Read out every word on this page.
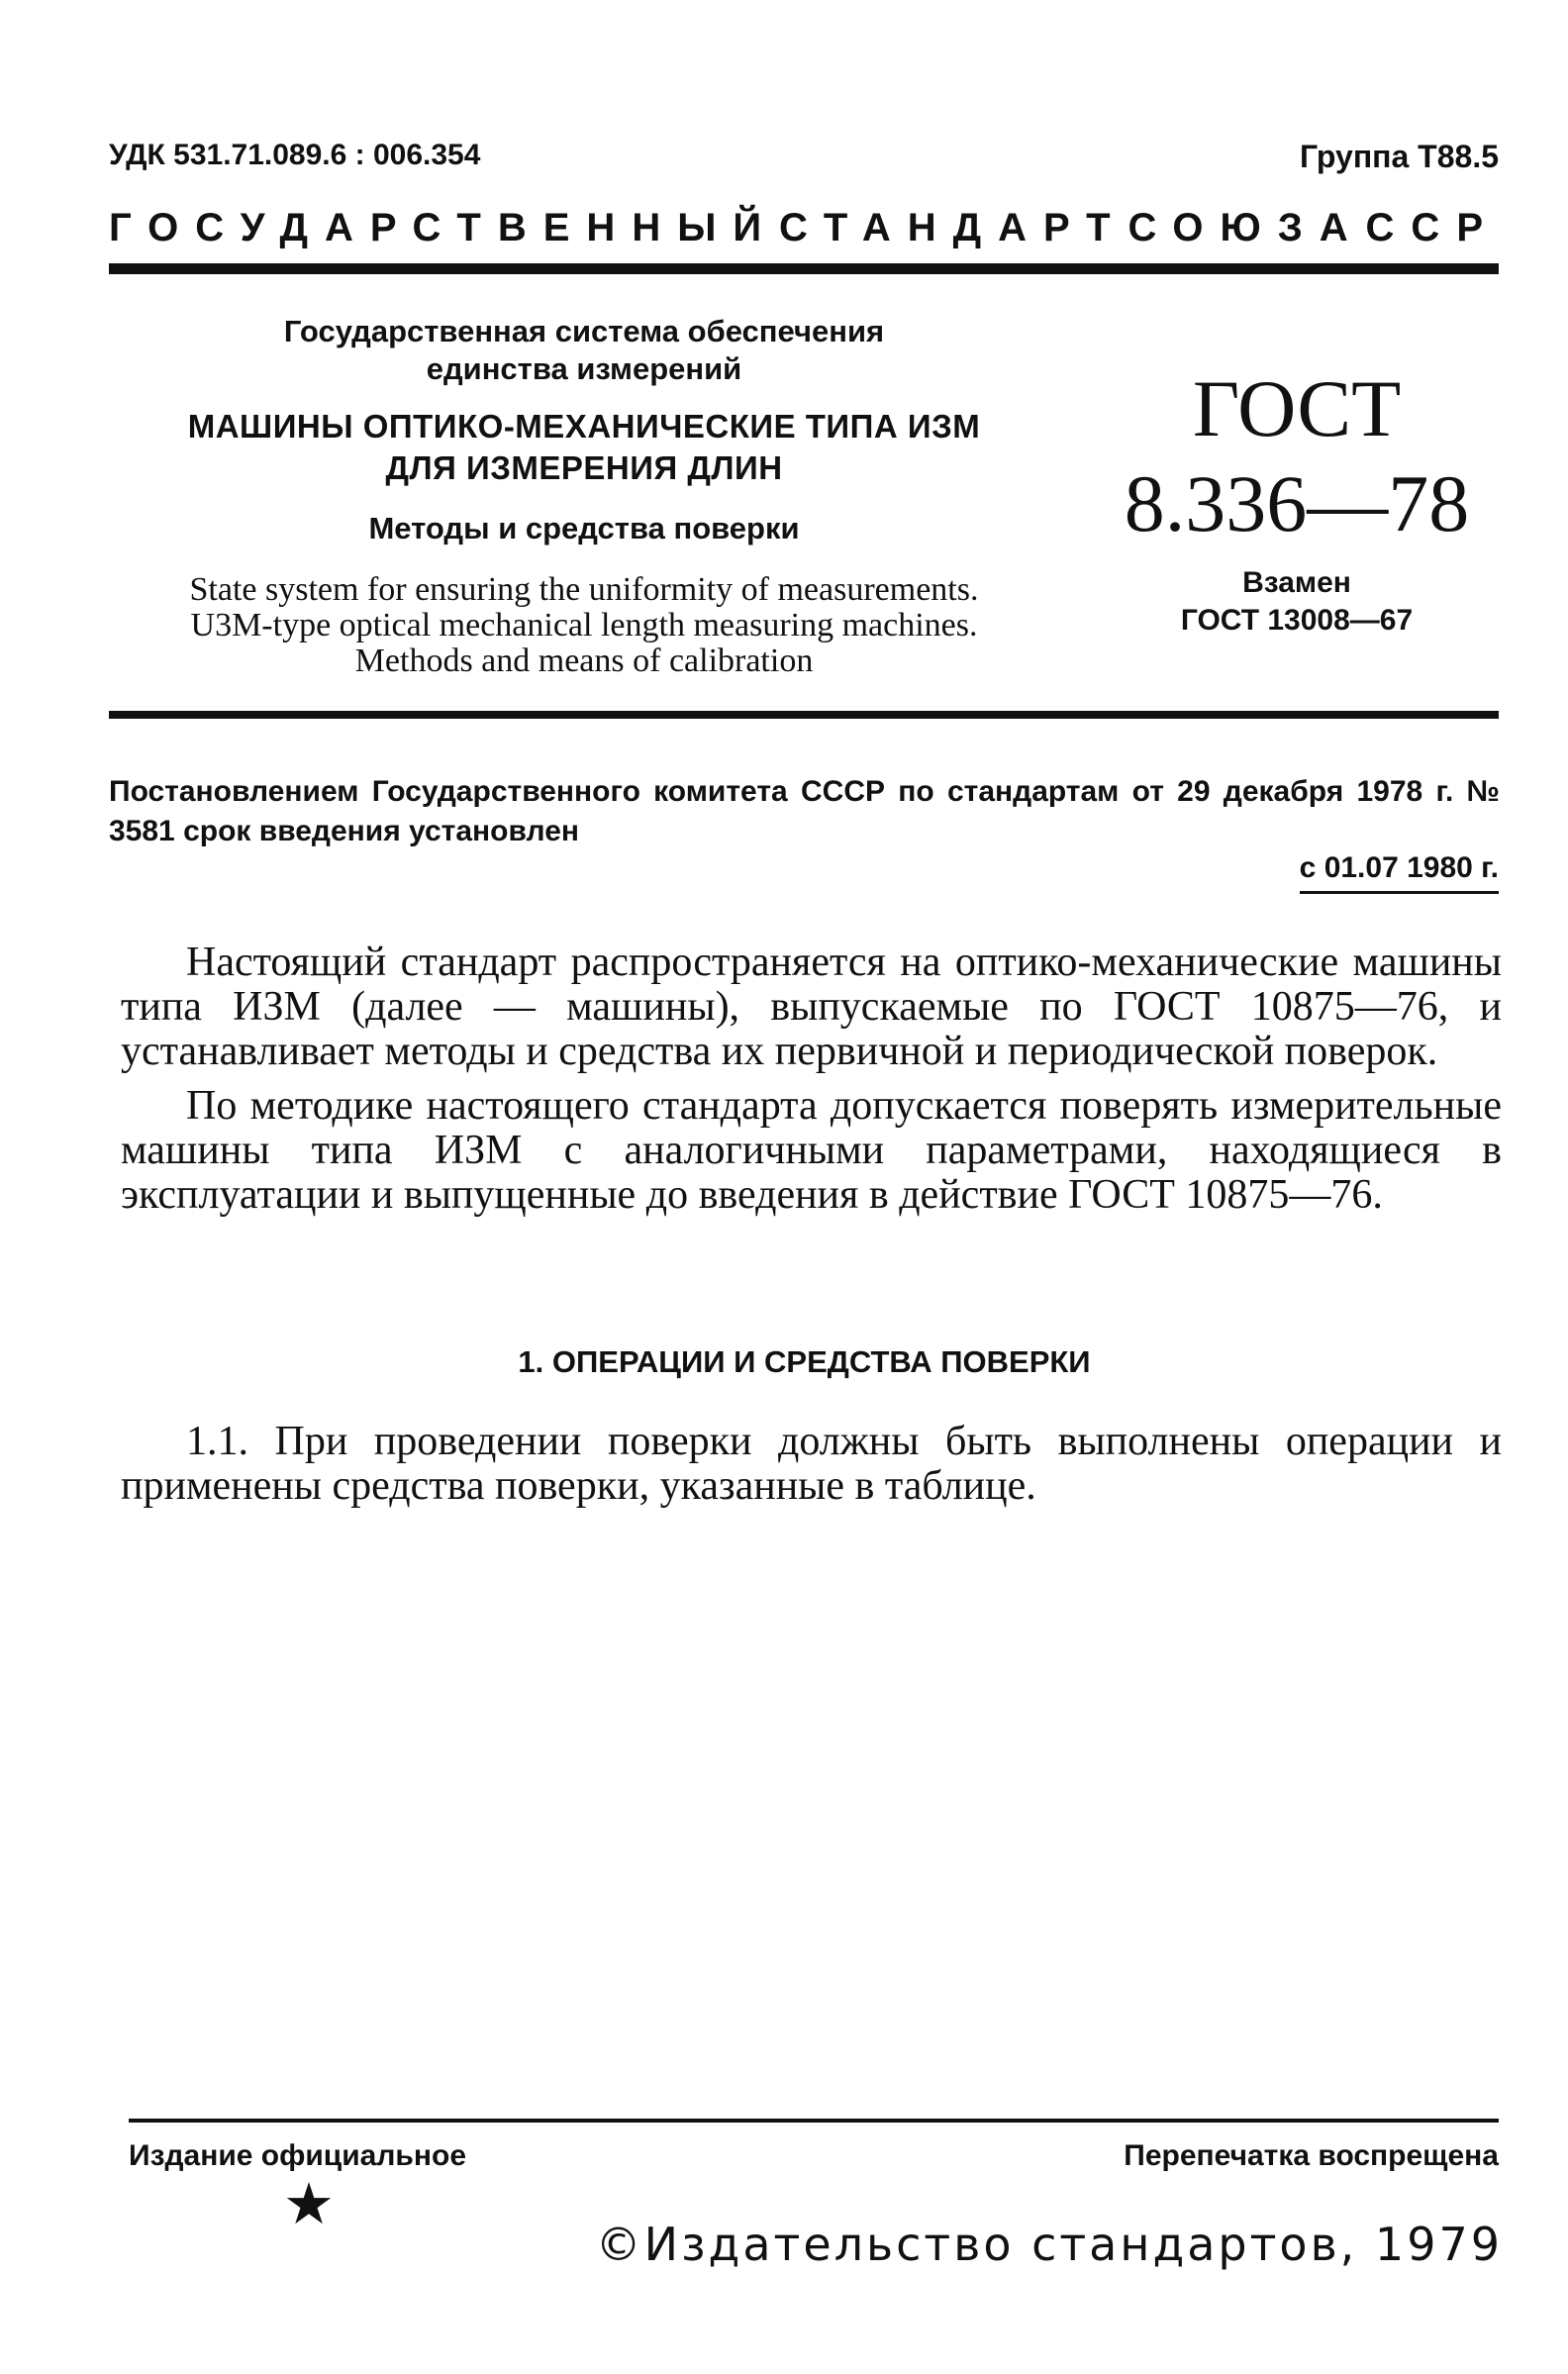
УДК 531.71.089.6 : 006.354	Группа Т88.5
ГОСУДАРСТВЕННЫЙ СТАНДАРТ СОЮЗА ССР
Государственная система обеспечения
единства измерений
МАШИНЫ ОПТИКО-МЕХАНИЧЕСКИЕ ТИПА ИЗМ
ДЛЯ ИЗМЕРЕНИЯ ДЛИН
Методы и средства поверки
State system for ensuring the uniformity of measurements.
U3M-type optical mechanical length measuring machines.
Methods and means of calibration
ГОСТ
8.336—78
Взамен
ГОСТ 13008—67
Постановлением Государственного комитета СССР по стандартам от 29 декабря 1978 г. № 3581 срок введения установлен
с 01.07 1980 г.

Настоящий стандарт распространяется на оптико-механические машины типа ИЗМ (далее — машины), выпускаемые по ГОСТ 10875—76, и устанавливает методы и средства их первичной и периодической поверок.

По методике настоящего стандарта допускается поверять измерительные машины типа ИЗМ с аналогичными параметрами, находящиеся в эксплуатации и выпущенные до введения в действие ГОСТ 10875—76.

1. ОПЕРАЦИИ И СРЕДСТВА ПОВЕРКИ
1.1. При проведении поверки должны быть выполнены операции и применены средства поверки, указанные в таблице.
Издание официальное	Перепечатка воспрещена
★
©Издательство стандартов, 1979
